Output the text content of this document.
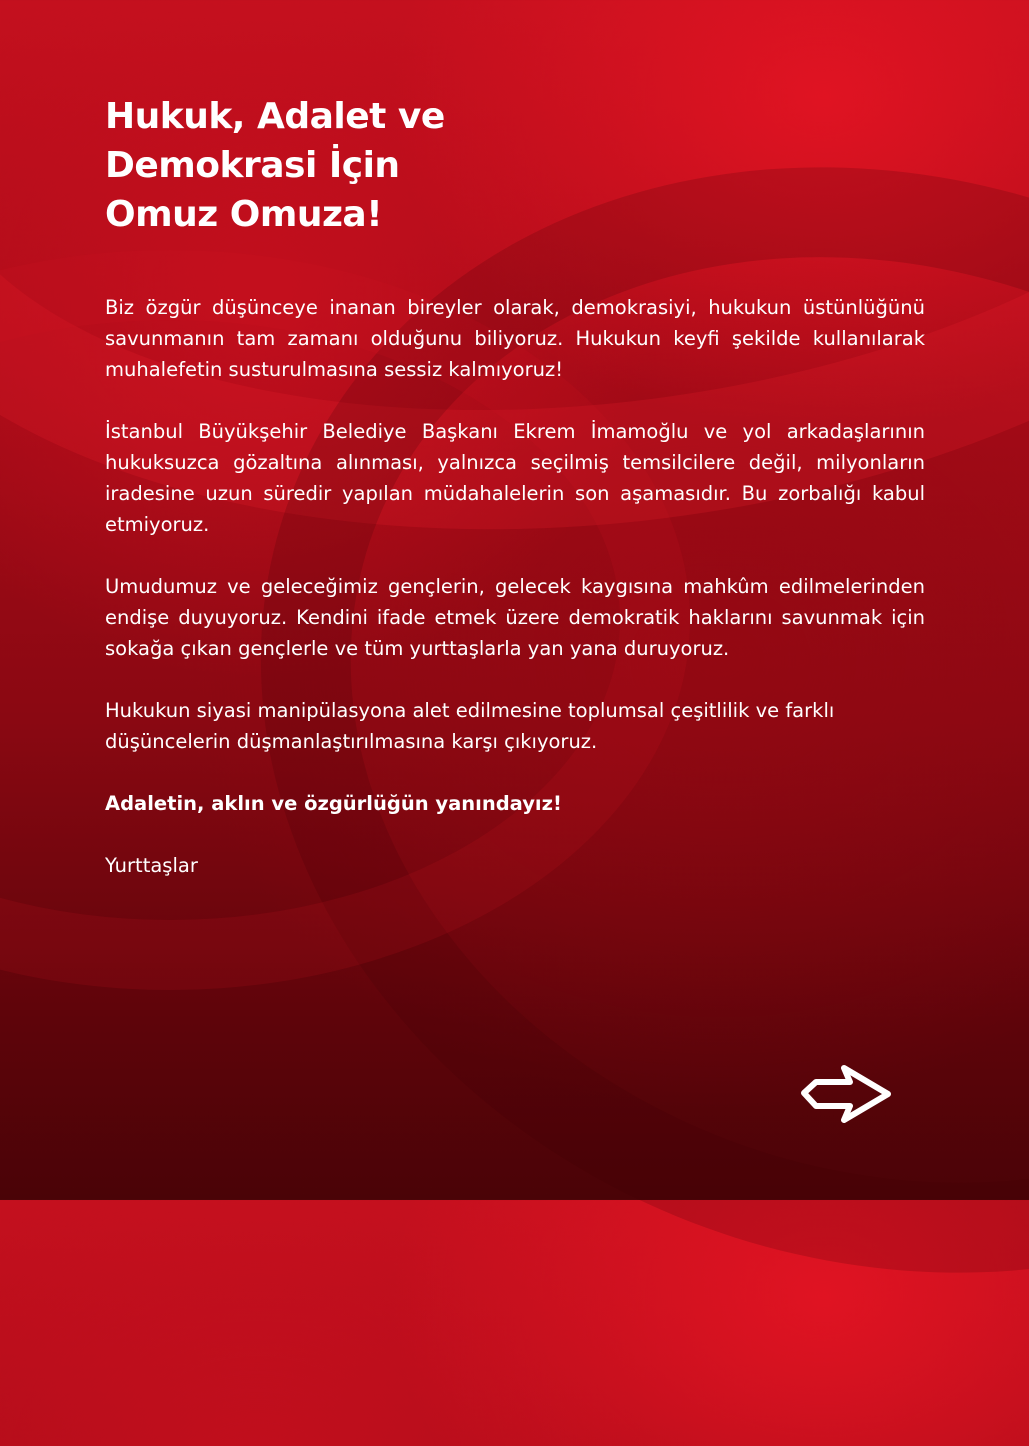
Hukuk, Adalet ve
Demokrasi İçin
Omuz Omuza!

Biz özgür düşünceye inanan bireyler olarak, demokrasiyi, hukukun üstünlüğünü savunmanın tam zamanı olduğunu biliyoruz. Hukukun keyfi şekilde kullanılarak muhalefetin susturulmasına sessiz kalmıyoruz!

İstanbul Büyükşehir Belediye Başkanı Ekrem İmamoğlu ve yol arkadaşlarının hukuksuzca gözaltına alınması, yalnızca seçilmiş temsilcilere değil, milyonların iradesine uzun süredir yapılan müdahalelerin son aşamasıdır. Bu zorbalığı kabul etmiyoruz.

Umudumuz ve geleceğimiz gençlerin, gelecek kaygısına mahkûm edilmelerinden endişe duyuyoruz. Kendini ifade etmek üzere demokratik haklarını savunmak için sokağa çıkan gençlerle ve tüm yurttaşlarla yan yana duruyoruz.

Hukukun siyasi manipülasyona alet edilmesine toplumsal çeşitlilik ve farklı düşüncelerin düşmanlaştırılmasına karşı çıkıyoruz.

Adaletin, aklın ve özgürlüğün yanındayız!

Yurttaşlar
